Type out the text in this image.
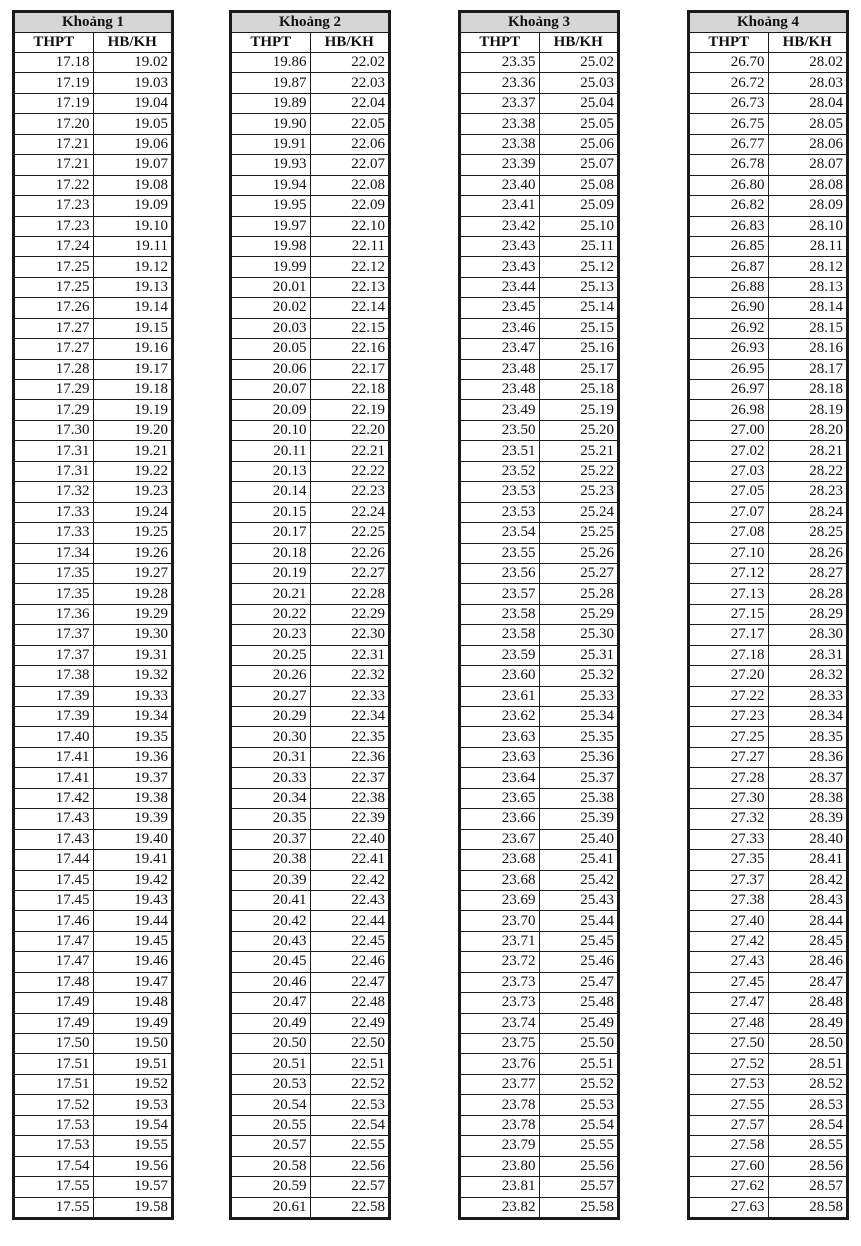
Khoảng 1	
THPT	HB/KH
17.18	19.02
17.19	19.03
17.19	19.04
17.20	19.05
17.21	19.06
17.21	19.07
17.22	19.08
17.23	19.09
17.23	19.10
17.24	19.11
17.25	19.12
17.25	19.13
17.26	19.14
17.27	19.15
17.27	19.16
17.28	19.17
17.29	19.18
17.29	19.19
17.30	19.20
17.31	19.21
17.31	19.22
17.32	19.23
17.33	19.24
17.33	19.25
17.34	19.26
17.35	19.27
17.35	19.28
17.36	19.29
17.37	19.30
17.37	19.31
17.38	19.32
17.39	19.33
17.39	19.34
17.40	19.35
17.41	19.36
17.41	19.37
17.42	19.38
17.43	19.39
17.43	19.40
17.44	19.41
17.45	19.42
17.45	19.43
17.46	19.44
17.47	19.45
17.47	19.46
17.48	19.47
17.49	19.48
17.49	19.49
17.50	19.50
17.51	19.51
17.51	19.52
17.52	19.53
17.53	19.54
17.53	19.55
17.54	19.56
17.55	19.57
17.55	19.58
Khoảng 2	
THPT	HB/KH
19.86	22.02
19.87	22.03
19.89	22.04
19.90	22.05
19.91	22.06
19.93	22.07
19.94	22.08
19.95	22.09
19.97	22.10
19.98	22.11
19.99	22.12
20.01	22.13
20.02	22.14
20.03	22.15
20.05	22.16
20.06	22.17
20.07	22.18
20.09	22.19
20.10	22.20
20.11	22.21
20.13	22.22
20.14	22.23
20.15	22.24
20.17	22.25
20.18	22.26
20.19	22.27
20.21	22.28
20.22	22.29
20.23	22.30
20.25	22.31
20.26	22.32
20.27	22.33
20.29	22.34
20.30	22.35
20.31	22.36
20.33	22.37
20.34	22.38
20.35	22.39
20.37	22.40
20.38	22.41
20.39	22.42
20.41	22.43
20.42	22.44
20.43	22.45
20.45	22.46
20.46	22.47
20.47	22.48
20.49	22.49
20.50	22.50
20.51	22.51
20.53	22.52
20.54	22.53
20.55	22.54
20.57	22.55
20.58	22.56
20.59	22.57
20.61	22.58
Khoảng 3	
THPT	HB/KH
23.35	25.02
23.36	25.03
23.37	25.04
23.38	25.05
23.38	25.06
23.39	25.07
23.40	25.08
23.41	25.09
23.42	25.10
23.43	25.11
23.43	25.12
23.44	25.13
23.45	25.14
23.46	25.15
23.47	25.16
23.48	25.17
23.48	25.18
23.49	25.19
23.50	25.20
23.51	25.21
23.52	25.22
23.53	25.23
23.53	25.24
23.54	25.25
23.55	25.26
23.56	25.27
23.57	25.28
23.58	25.29
23.58	25.30
23.59	25.31
23.60	25.32
23.61	25.33
23.62	25.34
23.63	25.35
23.63	25.36
23.64	25.37
23.65	25.38
23.66	25.39
23.67	25.40
23.68	25.41
23.68	25.42
23.69	25.43
23.70	25.44
23.71	25.45
23.72	25.46
23.73	25.47
23.73	25.48
23.74	25.49
23.75	25.50
23.76	25.51
23.77	25.52
23.78	25.53
23.78	25.54
23.79	25.55
23.80	25.56
23.81	25.57
23.82	25.58
Khoảng 4	
THPT	HB/KH
26.70	28.02
26.72	28.03
26.73	28.04
26.75	28.05
26.77	28.06
26.78	28.07
26.80	28.08
26.82	28.09
26.83	28.10
26.85	28.11
26.87	28.12
26.88	28.13
26.90	28.14
26.92	28.15
26.93	28.16
26.95	28.17
26.97	28.18
26.98	28.19
27.00	28.20
27.02	28.21
27.03	28.22
27.05	28.23
27.07	28.24
27.08	28.25
27.10	28.26
27.12	28.27
27.13	28.28
27.15	28.29
27.17	28.30
27.18	28.31
27.20	28.32
27.22	28.33
27.23	28.34
27.25	28.35
27.27	28.36
27.28	28.37
27.30	28.38
27.32	28.39
27.33	28.40
27.35	28.41
27.37	28.42
27.38	28.43
27.40	28.44
27.42	28.45
27.43	28.46
27.45	28.47
27.47	28.48
27.48	28.49
27.50	28.50
27.52	28.51
27.53	28.52
27.55	28.53
27.57	28.54
27.58	28.55
27.60	28.56
27.62	28.57
27.63	28.58
